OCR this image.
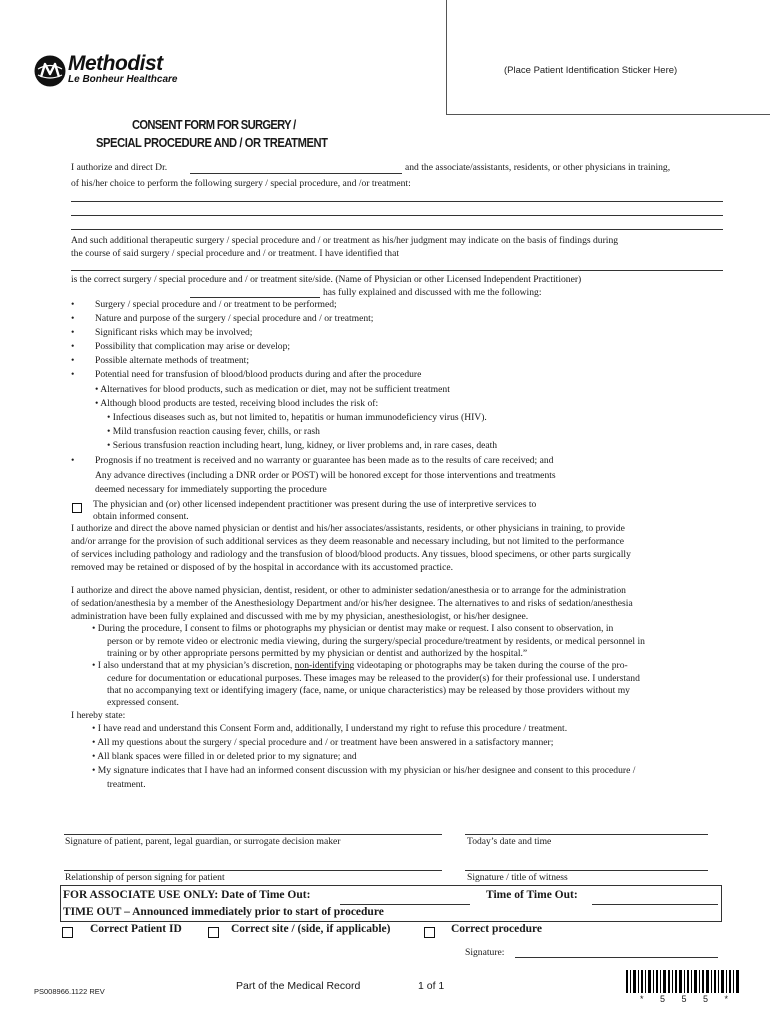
Methodist
Le Bonheur Healthcare
(Place Patient Identification Sticker Here)
CONSENT FORM FOR SURGERY /
SPECIAL PROCEDURE AND / OR TREATMENT
I authorize and direct Dr.	and the associate/assistants, residents, or other physicians in training,
of his/her choice to perform the following surgery / special procedure, and /or treatment:
And such additional therapeutic surgery / special procedure and / or treatment as his/her judgment may indicate on the basis of findings during
the course of said surgery / special procedure and / or treatment. I have identified that
is the correct surgery / special procedure and / or treatment site/side. (Name of Physician or other Licensed Independent Practitioner)
has fully explained and discussed with me the following:
• Surgery / special procedure and / or treatment to be performed;
• Nature and purpose of the surgery / special procedure and / or treatment;
• Significant risks which may be involved;
• Possibility that complication may arise or develop;
• Possible alternate methods of treatment;
• Potential need for transfusion of blood/blood products during and after the procedure
• Alternatives for blood products, such as medication or diet, may not be sufficient treatment
• Although blood products are tested, receiving blood includes the risk of:
• Infectious diseases such as, but not limited to, hepatitis or human immunodeficiency virus (HIV).
• Mild transfusion reaction causing fever, chills, or rash
• Serious transfusion reaction including heart, lung, kidney, or liver problems and, in rare cases, death
• Prognosis if no treatment is received and no warranty or guarantee has been made as to the results of care received; and
Any advance directives (including a DNR order or POST) will be honored except for those interventions and treatments
deemed necessary for immediately supporting the procedure
The physician and (or) other licensed independent practitioner was present during the use of interpretive services to
obtain informed consent.
I authorize and direct the above named physician or dentist and his/her associates/assistants, residents, or other physicians in training, to provide
and/or arrange for the provision of such additional services as they deem reasonable and necessary including, but not limited to the performance
of services including pathology and radiology and the transfusion of blood/blood products. Any tissues, blood specimens, or other parts surgically
removed may be retained or disposed of by the hospital in accordance with its accustomed practice.
I authorize and direct the above named physician, dentist, resident, or other to administer sedation/anesthesia or to arrange for the administration
of sedation/anesthesia by a member of the Anesthesiology Department and/or his/her designee. The alternatives to and risks of sedation/anesthesia
administration have been fully explained and discussed with me by my physician, anesthesiologist, or his/her designee.
• During the procedure, I consent to films or photographs my physician or dentist may make or request. I also consent to observation, in
person or by remote video or electronic media viewing, during the surgery/special procedure/treatment by residents, or medical personnel in
training or by other appropriate persons permitted by my physician or dentist and authorized by the hospital.”
• I also understand that at my physician’s discretion, non-identifying videotaping or photographs may be taken during the course of the pro-
cedure for documentation or educational purposes. These images may be released to the provider(s) for their professional use. I understand
that no accompanying text or identifying imagery (face, name, or unique characteristics) may be released by those providers without my
expressed consent.
I hereby state:
• I have read and understand this Consent Form and, additionally, I understand my right to refuse this procedure / treatment.
• All my questions about the surgery / special procedure and / or treatment have been answered in a satisfactory manner;
• All blank spaces were filled in or deleted prior to my signature; and
• My signature indicates that I have had an informed consent discussion with my physician or his/her designee and consent to this procedure /
treatment.
Signature of patient, parent, legal guardian, or surrogate decision maker	Today’s date and time
Relationship of person signing for patient	Signature / title of witness
FOR ASSOCIATE USE ONLY: Date of Time Out:	Time of Time Out:
TIME OUT – Announced immediately prior to start of procedure
Correct Patient ID	Correct site / (side, if applicable)	Correct procedure
Signature:
PS008966.1122 REV	Part of the Medical Record	1 of 1
* 5 5 5 *
